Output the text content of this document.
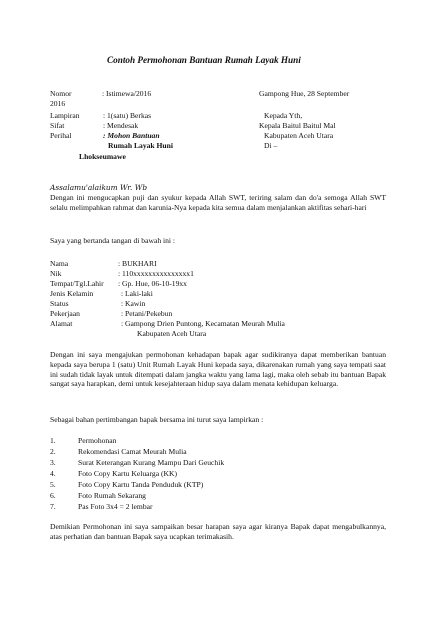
Contoh Permohonan Bantuan Rumah Layak Huni
Nomor	: Istimewa/2016	Gampong Hue, 28 September
2016
Lampiran	: 1(satu) Berkas	Kepada Yth,
Sifat	: Mendesak	Kepala Baitul Baitul Mal
Perihal	: Mohon Bantuan	Kabupaten Aceh Utara
Rumah Layak Huni	Di –
Lhokseumawe
Assalamu'alaikum Wr. Wb
Dengan ini mengucapkan puji dan syukur kepada Allah SWT, teriring salam dan do'a semoga Allah SWT selalu melimpahkan rahmat dan karunia-Nya kepada kita semua dalam menjalankan aktifitas sehari-hari
Saya yang bertanda tangan di bawah ini :
Nama	: BUKHARI
Nik	: 110xxxxxxxxxxxxxxx1
Tempat/Tgl.Lahir : Gp. Hue, 06-10-19xx
Jenis Kelamin	: Laki-laki
Status	: Kawin
Pekerjaan	: Petani/Pekebun
Alamat	: Gampong Drien Puntong, Kecamatan Meurah Mulia
Kabupaten Aceh Utara
Dengan ini saya mengajukan permohonan kehadapan bapak agar sudikiranya dapat memberikan bantuan kepada saya berupa 1 (satu) Unit Rumah Layak Huni kepada saya, dikarenakan rumah yang saya tempati saat ini sudah tidak layak untuk ditempati dalam jangka waktu yang lama lagi, maka oleh sebab itu bantuan Bapak sangat saya harapkan, demi untuk kesejahteraan hidup saya dalam menata kehidupan keluarga.
Sebagai bahan pertimbangan bapak bersama ini turut saya lampirkan :
1.	Permohonan
2.	Rekomendasi Camat Meurah Mulia
3.	Surat Keterangan Kurang Mampu Dari Geuchik
4.	Foto Copy Kartu Keluarga (KK)
5.	Foto Copy Kartu Tanda Penduduk (KTP)
6.	Foto Rumah Sekarang
7.	Pas Foto 3x4 = 2 lembar
Demikian Permohonan ini saya sampaikan besar harapan saya agar kiranya Bapak dapat mengabulkannya, atas perhatian dan bantuan Bapak saya ucapkan terimakasih.
